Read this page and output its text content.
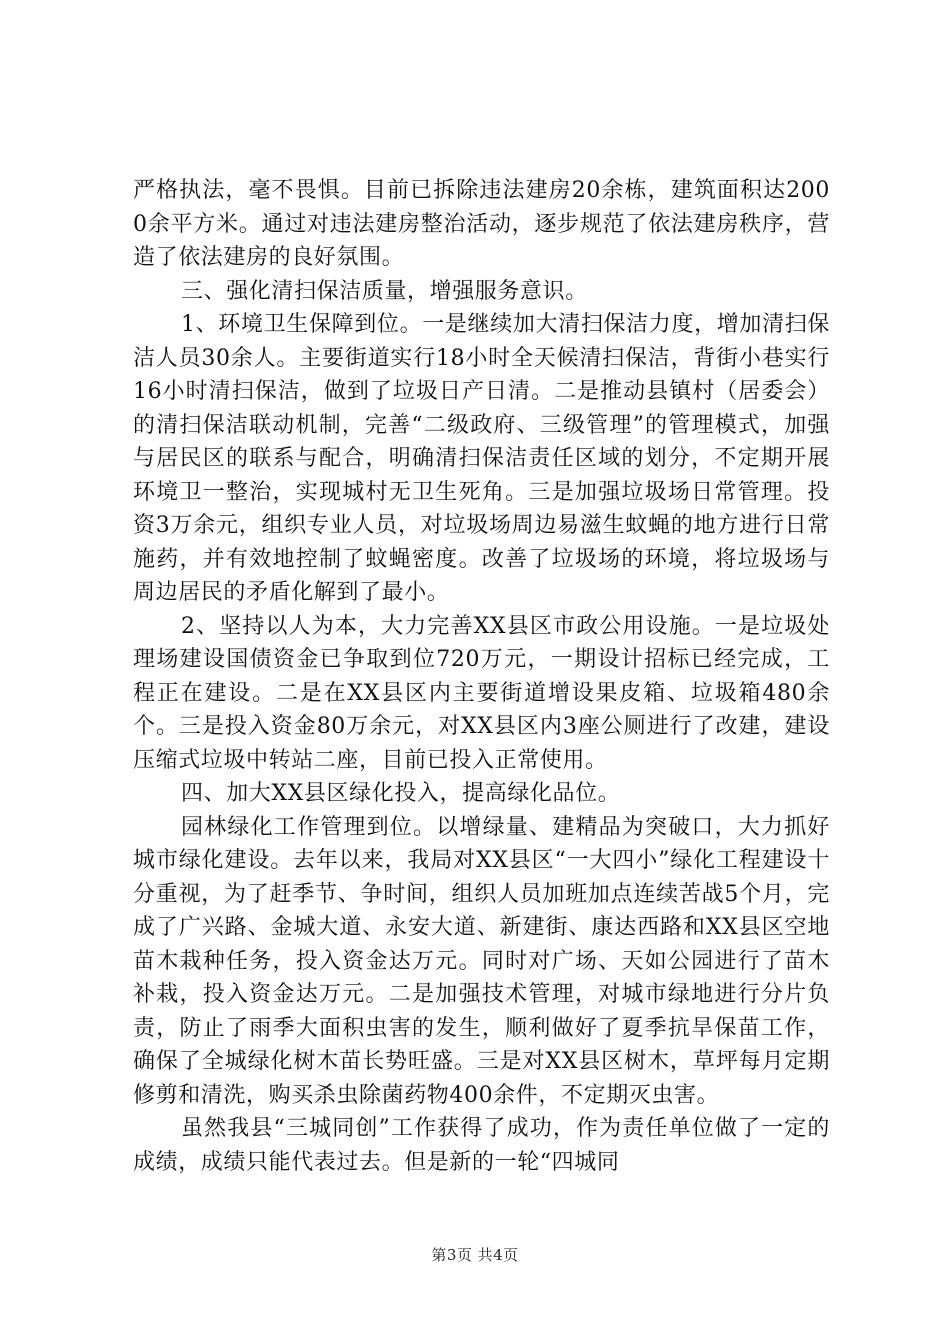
严格执法，毫不畏惧。目前已拆除违法建房20余栋，建筑面积达2000余平方米。通过对违法建房整治活动，逐步规范了依法建房秩序，营造了依法建房的良好氛围。

三、强化清扫保洁质量，增强服务意识。

1、环境卫生保障到位。一是继续加大清扫保洁力度，增加清扫保洁人员30余人。主要街道实行18小时全天候清扫保洁，背街小巷实行16小时清扫保洁，做到了垃圾日产日清。二是推动县镇村（居委会）的清扫保洁联动机制，完善“二级政府、三级管理”的管理模式，加强与居民区的联系与配合，明确清扫保洁责任区域的划分，不定期开展环境卫一整治，实现城村无卫生死角。三是加强垃圾场日常管理。投资3万余元，组织专业人员，对垃圾场周边易滋生蚊蝇的地方进行日常施药，并有效地控制了蚊蝇密度。改善了垃圾场的环境，将垃圾场与周边居民的矛盾化解到了最小。

2、坚持以人为本，大力完善XX县区市政公用设施。一是垃圾处理场建设国债资金已争取到位720万元，一期设计招标已经完成，工程正在建设。二是在XX县区内主要街道增设果皮箱、垃圾箱480余个。三是投入资金80万余元，对XX县区内3座公厕进行了改建，建设压缩式垃圾中转站二座，目前已投入正常使用。

四、加大XX县区绿化投入，提高绿化品位。

园林绿化工作管理到位。以增绿量、建精品为突破口，大力抓好城市绿化建设。去年以来，我局对XX县区“一大四小”绿化工程建设十分重视，为了赶季节、争时间，组织人员加班加点连续苦战5个月，完成了广兴路、金城大道、永安大道、新建街、康达西路和XX县区空地苗木栽种任务，投入资金达万元。同时对广场、天如公园进行了苗木补栽，投入资金达万元。二是加强技术管理，对城市绿地进行分片负责，防止了雨季大面积虫害的发生，顺利做好了夏季抗旱保苗工作，确保了全城绿化树木苗长势旺盛。三是对XX县区树木，草坪每月定期修剪和清洗，购买杀虫除菌药物400余件，不定期灭虫害。

虽然我县“三城同创”工作获得了成功，作为责任单位做了一定的成绩，成绩只能代表过去。但是新的一轮“四城同

第3页 共4页
